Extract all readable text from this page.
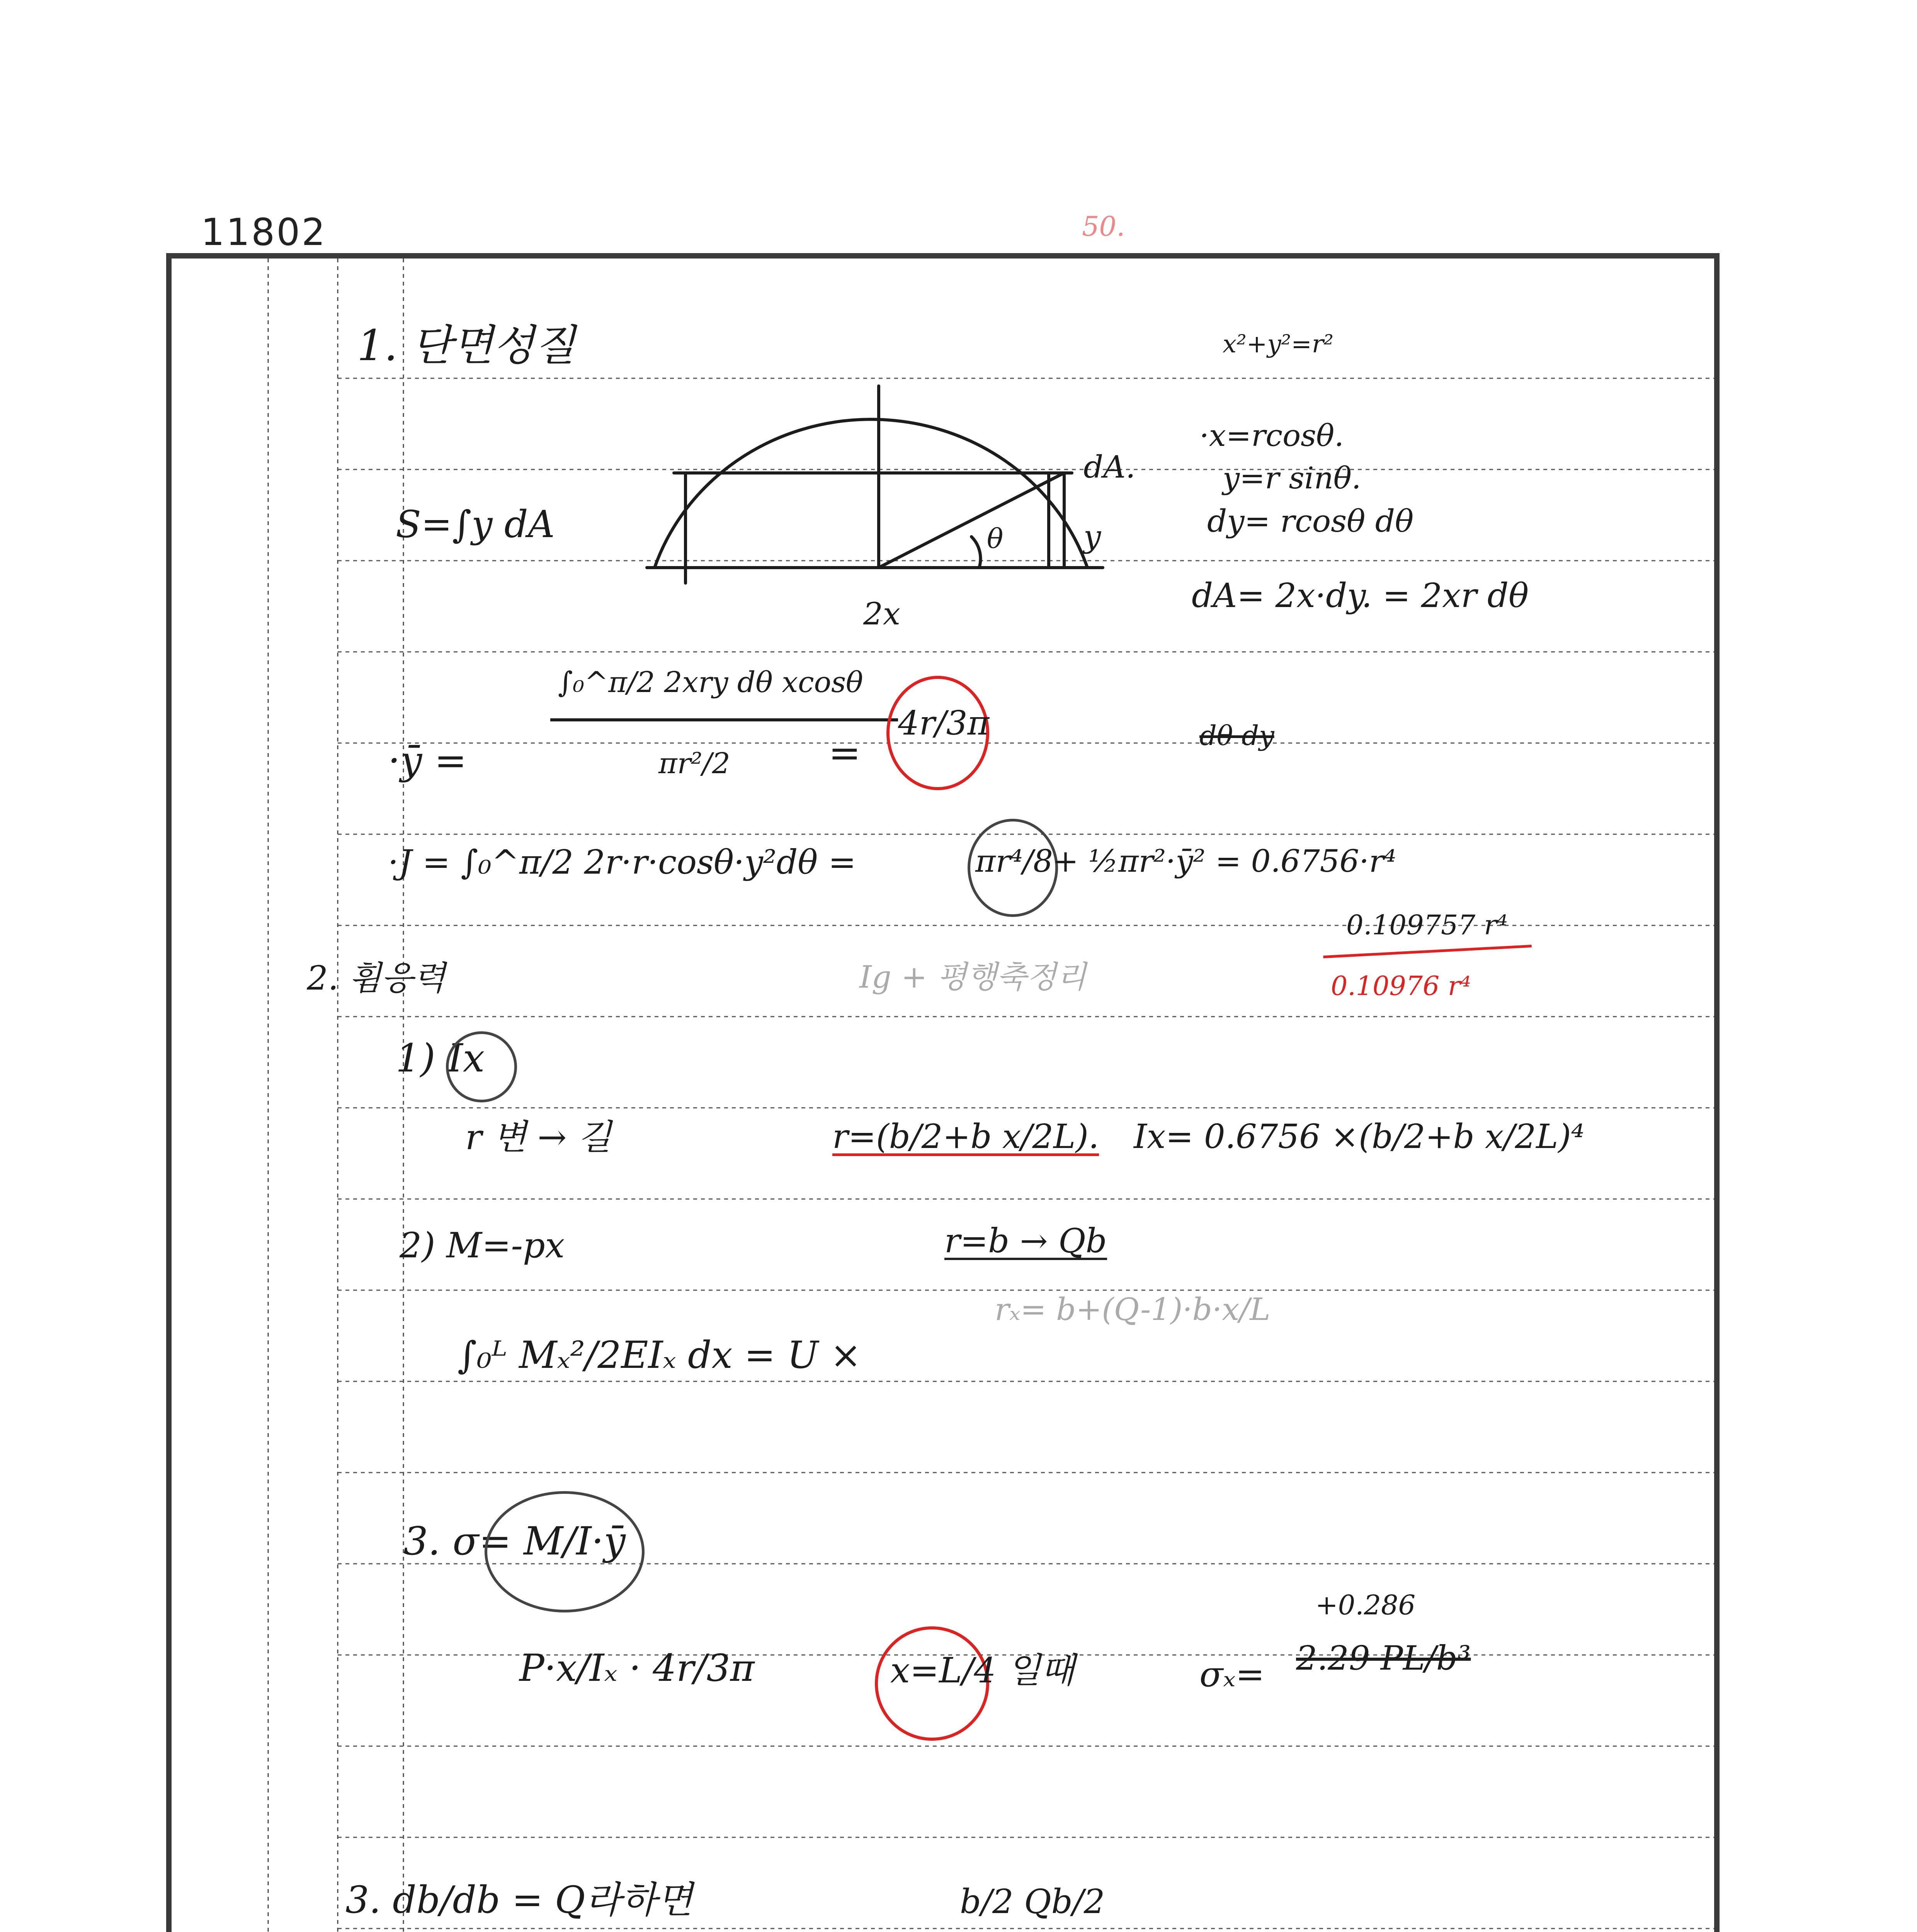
11802	50.
1. 단면성질	x²+y²=r²
·x=rcosθ.
y=r sinθ.
dy= rcosθ dθ
dA= 2x·dy. = 2xr dθ
S=∫y dA
dA.
y
θ
2x
·ȳ =
∫₀^π/2 2xry dθ xcosθ
πr²/2	=
4r/3π	dθ dy
·J = ∫₀^π/2 2r·r·cosθ·y²dθ =	πr⁴/8 + ½πr²·ȳ² = 0.6756·r⁴
0.109757 r⁴
0.10976 r⁴
2. 휨응력	Ig + 평행축정리
1) Ix
r 변 → 길	r=(b/2+b x/2L). Ix= 0.6756 ×(b/2+b x/2L)⁴
2) M=-px	r=b → Qb
rₓ= b+(Q-1)·b·x/L
∫₀ᴸ Mₓ²/2EIₓ dx = U ×
3. σ= M/I·ȳ
P·x/Iₓ · 4r/3π	x=L/4 일때	σₓ=
+0.286
2.29 PL/b³
3. db/db = Q라하면	b/2 Qb/2
